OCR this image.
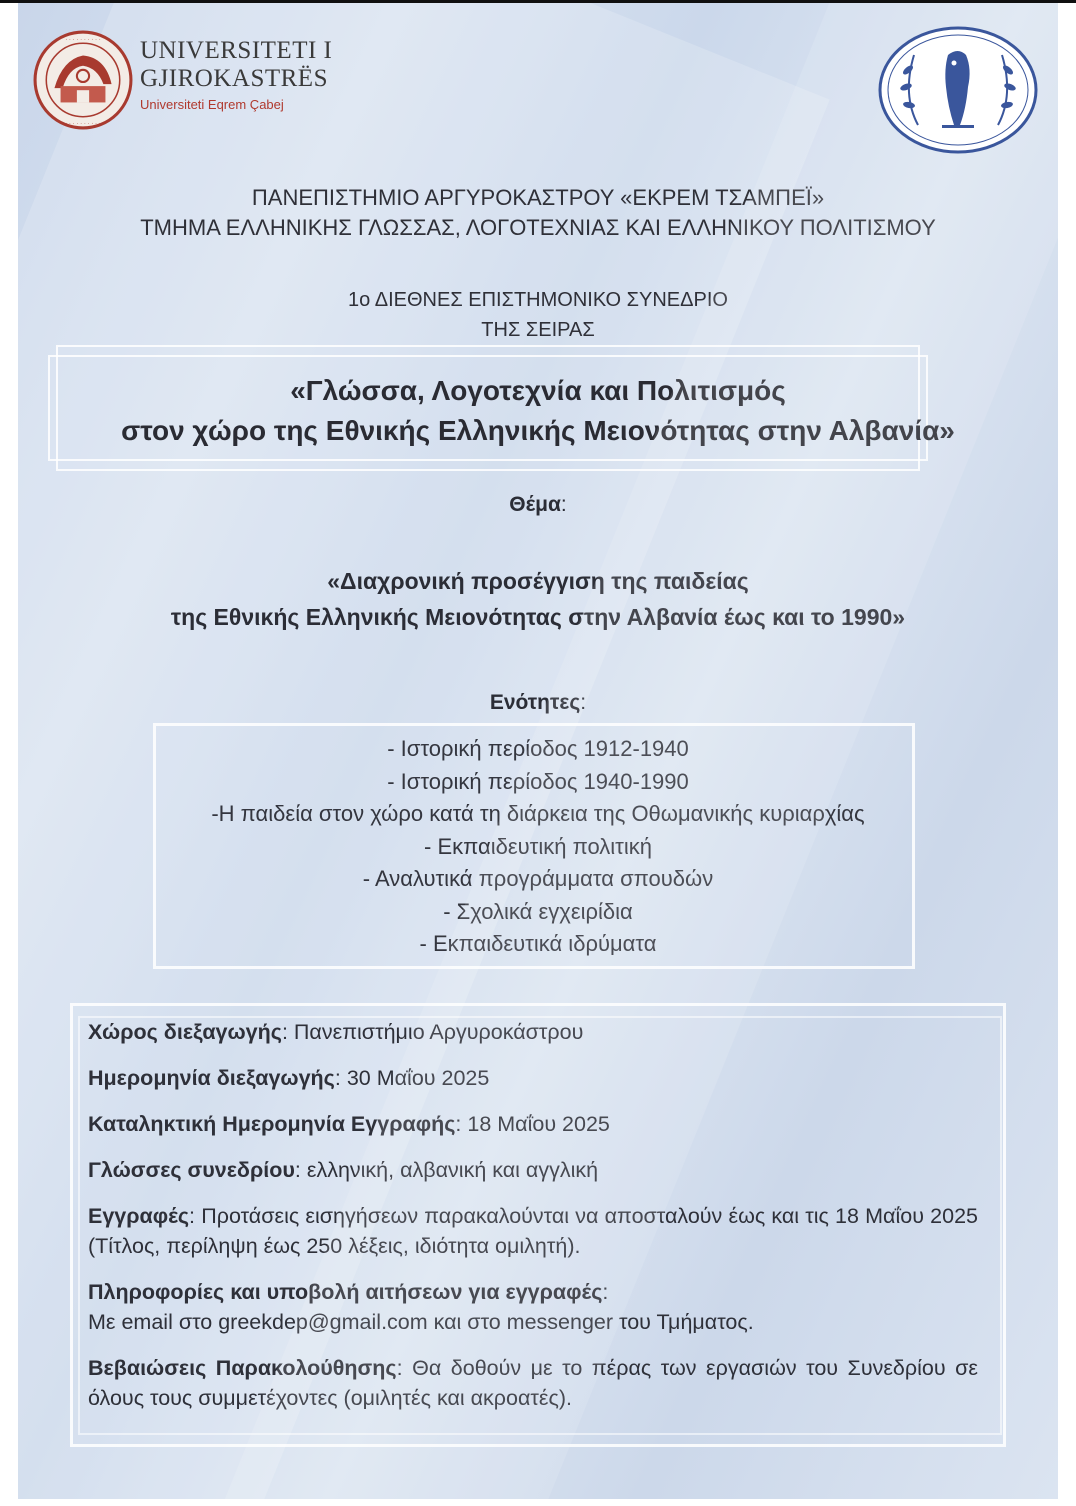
· · · · · · · · · ·
· · · · · · · · · ·
UNIVERSITETI I
GJIROKASTRËS
Universiteti Eqrem Çabej
ΠΑΝΕΠΙΣΤΗΜΙΟ ΑΡΓΥΡΟΚΑΣΤΡΟΥ «ΕΚΡΕΜ ΤΣΑΜΠΕΪ»
ΤΜΗΜΑ ΕΛΛΗΝΙΚΗΣ ΓΛΩΣΣΑΣ, ΛΟΓΟΤΕΧΝΙΑΣ ΚΑΙ ΕΛΛΗΝΙΚΟΥ ΠΟΛΙΤΙΣΜΟΥ
1ο ΔΙΕΘΝΕΣ ΕΠΙΣΤΗΜΟΝΙΚΟ ΣΥΝΕΔΡΙΟ
ΤΗΣ ΣΕΙΡΑΣ
«Γλώσσα, Λογοτεχνία και Πολιτισμός
στον χώρο της Εθνικής Ελληνικής Μειονότητας στην Αλβανία»
Θέμα:
«Διαχρονική προσέγγιση της παιδείας
της Εθνικής Ελληνικής Μειονότητας στην Αλβανία έως και το 1990»
Ενότητες:
- Ιστορική περίοδος 1912-1940
- Ιστορική περίοδος 1940-1990
-Η παιδεία στον χώρο κατά τη διάρκεια της Οθωμανικής κυριαρχίας
- Εκπαιδευτική πολιτική
- Αναλυτικά προγράμματα σπουδών
- Σχολικά εγχειρίδια
- Εκπαιδευτικά ιδρύματα

Χώρος διεξαγωγής: Πανεπιστήμιο Αργυροκάστρου

Ημερομηνία διεξαγωγής: 30 Μαΐου 2025

Καταληκτική Ημερομηνία Εγγραφής: 18 Μαΐου 2025

Γλώσσες συνεδρίου: ελληνική, αλβανική και αγγλική

Εγγραφές: Προτάσεις εισηγήσεων παρακαλούνται να αποσταλούν έως και τις 18 Μαΐου 2025 (Τίτλος, περίληψη έως 250 λέξεις, ιδιότητα ομιλητή).

Πληροφορίες και υποβολή αιτήσεων για εγγραφές:
Με email στο greekdep@gmail.com και στο messenger του Τμήματος.

Βεβαιώσεις Παρακολούθησης: Θα δοθούν με το πέρας των εργασιών του Συνεδρίου σε όλους τους συμμετέχοντες (ομιλητές και ακροατές).
